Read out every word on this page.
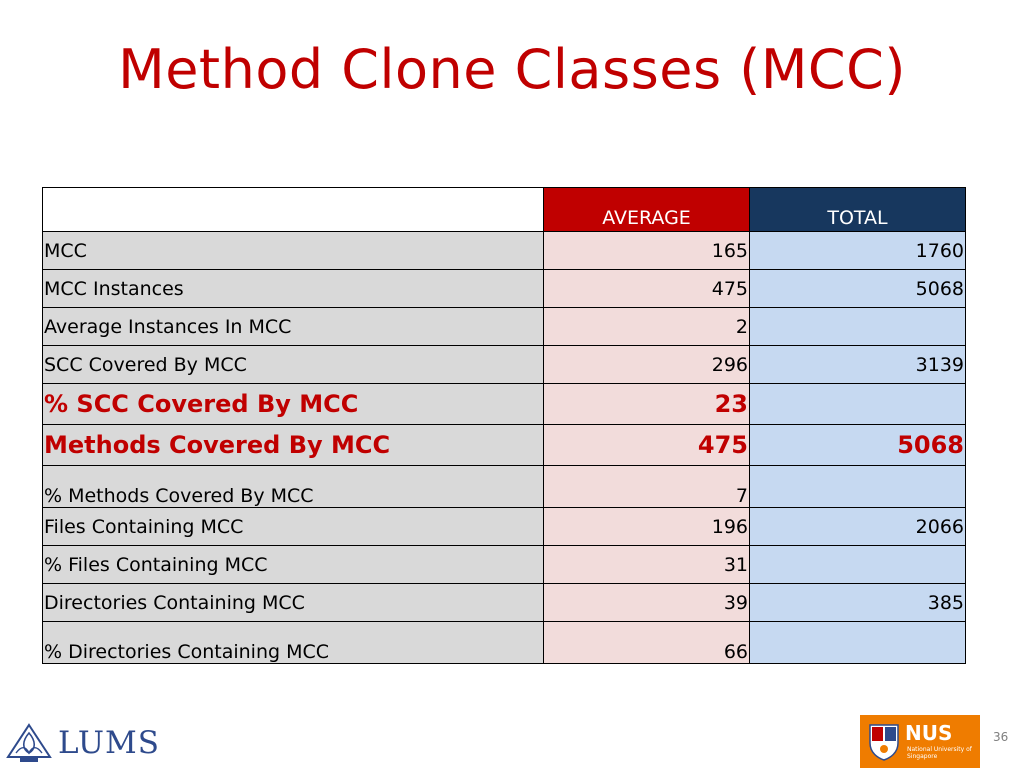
Method Clone Classes (MCC)
	AVERAGE	TOTAL
MCC	165	1760
MCC Instances	475	5068
Average Instances In MCC	2	
SCC Covered By MCC	296	3139
% SCC Covered By MCC	23	
Methods Covered By MCC	475	5068
% Methods Covered By MCC	7	
Files Containing MCC	196	2066
% Files Containing MCC	31	
Directories Containing MCC	39	385
% Directories Containing MCC	66	
LUMS	NUS
National University of Singapore
36
